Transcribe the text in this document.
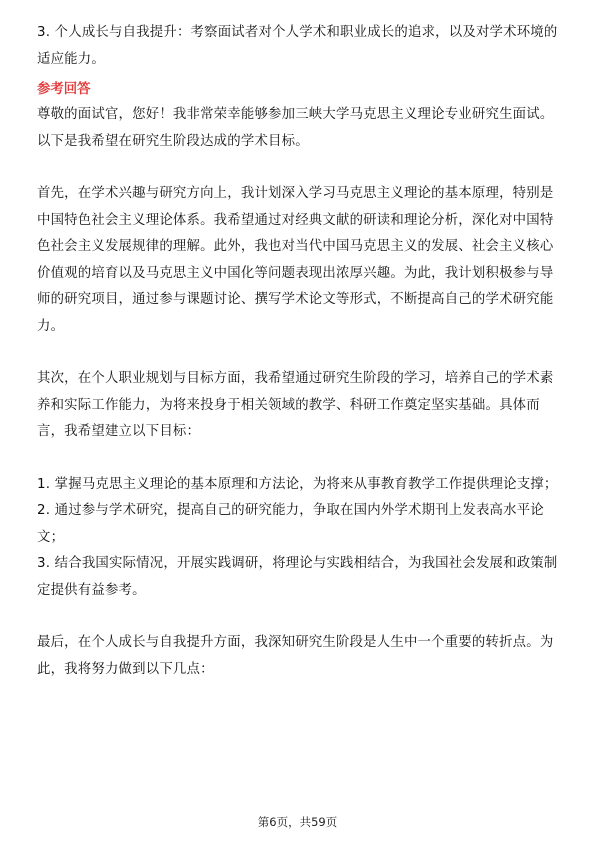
3. 个人成长与自我提升：考察面试者对个人学术和职业成长的追求，以及对学术环境的适应能力。

参考回答

尊敬的面试官，您好！我非常荣幸能够参加三峡大学马克思主义理论专业研究生面试。以下是我希望在研究生阶段达成的学术目标。

首先，在学术兴趣与研究方向上，我计划深入学习马克思主义理论的基本原理，特别是中国特色社会主义理论体系。我希望通过对经典文献的研读和理论分析，深化对中国特色社会主义发展规律的理解。此外，我也对当代中国马克思主义的发展、社会主义核心价值观的培育以及马克思主义中国化等问题表现出浓厚兴趣。为此，我计划积极参与导师的研究项目，通过参与课题讨论、撰写学术论文等形式，不断提高自己的学术研究能力。

其次，在个人职业规划与目标方面，我希望通过研究生阶段的学习，培养自己的学术素养和实际工作能力，为将来投身于相关领域的教学、科研工作奠定坚实基础。具体而言，我希望建立以下目标：

1. 掌握马克思主义理论的基本原理和方法论，为将来从事教育教学工作提供理论支撑；

2. 通过参与学术研究，提高自己的研究能力，争取在国内外学术期刊上发表高水平论文；

3. 结合我国实际情况，开展实践调研，将理论与实践相结合，为我国社会发展和政策制定提供有益参考。

最后，在个人成长与自我提升方面，我深知研究生阶段是人生中一个重要的转折点。为此，我将努力做到以下几点：

第6页，共59页
